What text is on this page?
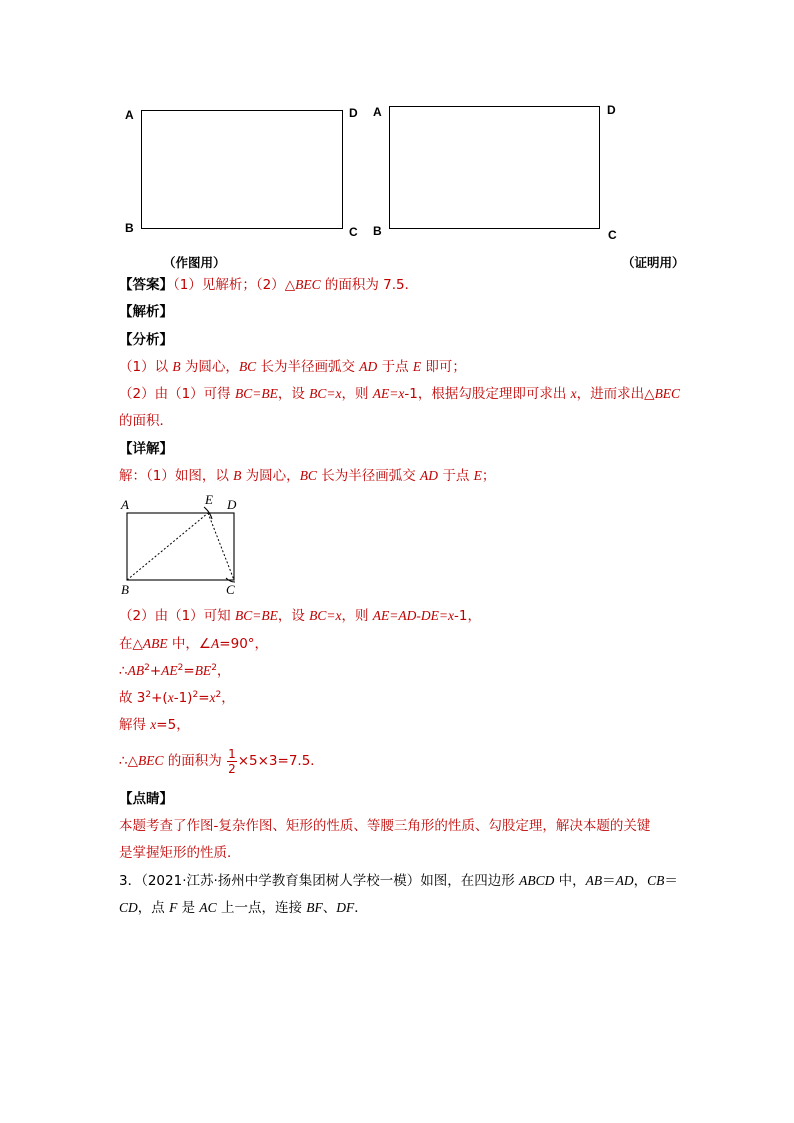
A	D
B	C
（作图用）
A	D
B	C
（证明用）
【答案】（1）见解析；（2）△BEC 的面积为 7.5．
【解析】
【分析】
（1）以 B 为圆心，BC 长为半径画弧交 AD 于点 E 即可；
（2）由（1）可得 BC=BE，设 BC=x，则 AE=x-1，根据勾股定理即可求出 x，进而求出△BEC
的面积．
【详解】
解：（1）如图，以 B 为圆心，BC 长为半径画弧交 AD 于点 E；
A	E D
B	C
（2）由（1）可知 BC=BE，设 BC=x，则 AE=AD-DE=x-1，
在△ABE 中，∠A=90°，
$\therefore AB^2+AE^2=BE^2$，
故 $3^2+(x-1)^2=x^2$，
解得 x=5，
∴△BEC 的面积为 $\frac{1}{2} \times 5\times 3=7.5$．
【点睛】
本题考查了作图-复杂作图、矩形的性质、等腰三角形的性质、勾股定理，解决本题的关键
是掌握矩形的性质．
3．（2021·江苏·扬州中学教育集团树人学校一模）如图，在四边形 ABCD 中，AB＝AD，CB＝
CD，点 F 是 AC 上一点，连接 BF、DF．
